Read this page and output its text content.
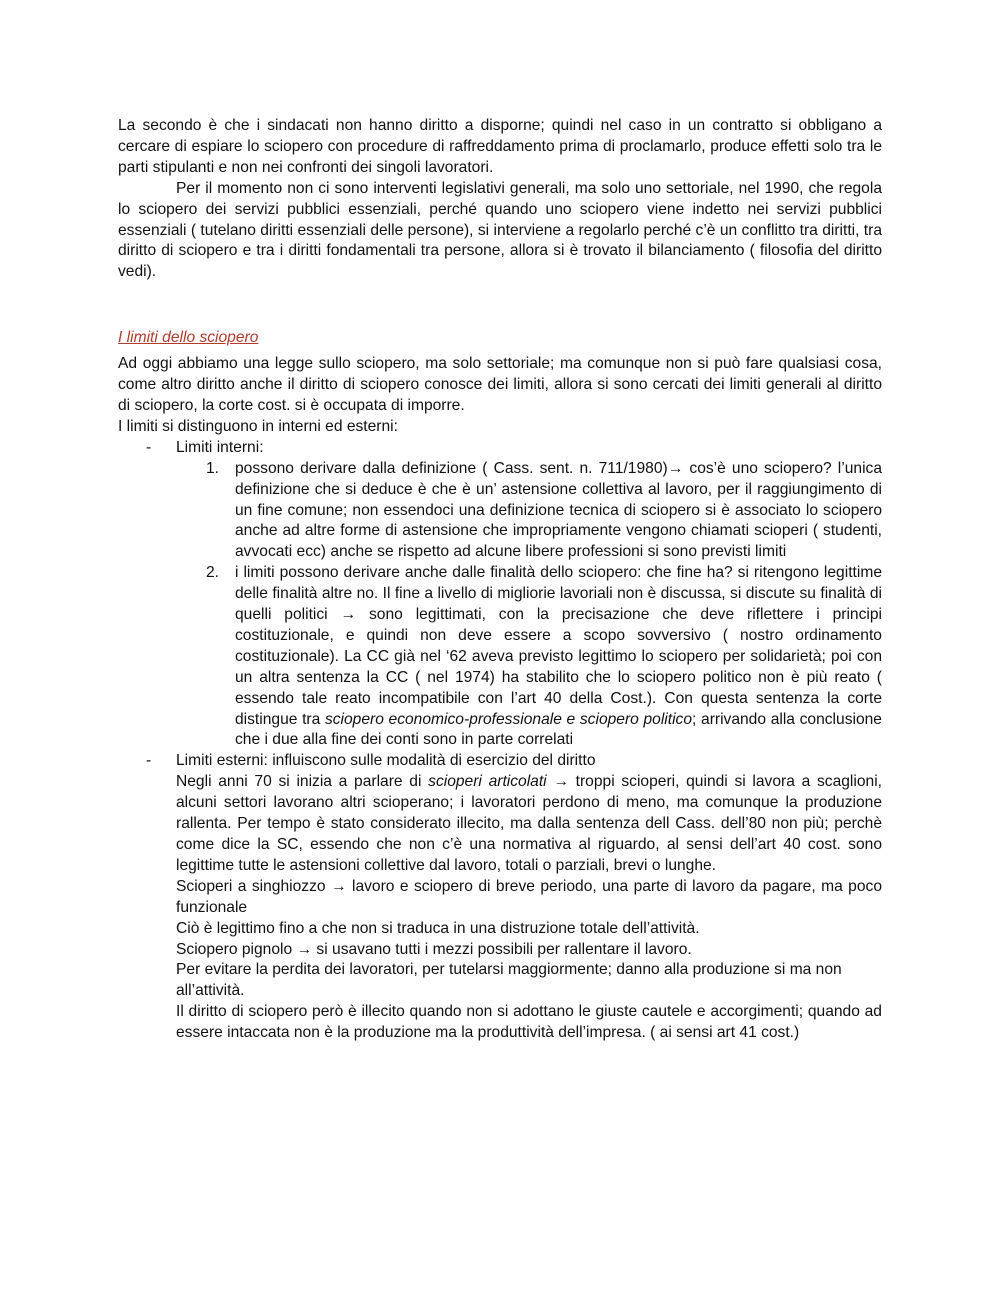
La secondo è che i sindacati non hanno diritto a disporne; quindi nel caso in un contratto si obbligano a cercare di espiare lo sciopero con procedure di raffreddamento prima di proclamarlo, produce effetti solo tra le parti stipulanti e non nei confronti dei singoli lavoratori.

Per il momento non ci sono interventi legislativi generali, ma solo uno settoriale, nel 1990, che regola lo sciopero dei servizi pubblici essenziali, perché quando uno sciopero viene indetto nei servizi pubblici essenziali ( tutelano diritti essenziali delle persone), si interviene a regolarlo perché c’è un conflitto tra diritti, tra diritto di sciopero e tra i diritti fondamentali tra persone, allora si è trovato il bilanciamento ( filosofia del diritto vedi).

I limiti dello sciopero

Ad oggi abbiamo una legge sullo sciopero, ma solo settoriale; ma comunque non si può fare qualsiasi cosa, come altro diritto anche il diritto di sciopero conosce dei limiti, allora si sono cercati dei limiti generali al diritto di sciopero, la corte cost. si è occupata di imporre.

I limiti si distinguono in interni ed esterni:

- Limiti interni:
1. possono derivare dalla definizione ( Cass. sent. n. 711/1980)→ cos’è uno sciopero? l’unica definizione che si deduce è che è un’ astensione collettiva al lavoro, per il raggiungimento di un fine comune; non essendoci una definizione tecnica di sciopero si è associato lo sciopero anche ad altre forme di astensione che impropriamente vengono chiamati scioperi ( studenti, avvocati ecc) anche se rispetto ad alcune libere professioni si sono previsti limiti
2. i limiti possono derivare anche dalle finalità dello sciopero: che fine ha? si ritengono legittime delle finalità altre no. Il fine a livello di migliorie lavoriali non è discussa, si discute su finalità di quelli politici → sono legittimati, con la precisazione che deve riflettere i principi costituzionale, e quindi non deve essere a scopo sovversivo ( nostro ordinamento costituzionale). La CC già nel ‘62 aveva previsto legittimo lo sciopero per solidarietà; poi con un altra sentenza la CC ( nel 1974) ha stabilito che lo sciopero politico non è più reato ( essendo tale reato incompatibile con l’art 40 della Cost.). Con questa sentenza la corte distingue tra sciopero economico-professionale e sciopero politico; arrivando alla conclusione che i due alla fine dei conti sono in parte correlati
- Limiti esterni: influiscono sulle modalità di esercizio del diritto

Negli anni 70 si inizia a parlare di scioperi articolati → troppi scioperi, quindi si lavora a scaglioni, alcuni settori lavorano altri scioperano; i lavoratori perdono di meno, ma comunque la produzione rallenta. Per tempo è stato considerato illecito, ma dalla sentenza dell Cass. dell’80 non più; perchè come dice la SC, essendo che non c’è una normativa al riguardo, al sensi dell’art 40 cost. sono legittime tutte le astensioni collettive dal lavoro, totali o parziali, brevi o lunghe.

Scioperi a singhiozzo → lavoro e sciopero di breve periodo, una parte di lavoro da pagare, ma poco funzionale

Ciò è legittimo fino a che non si traduca in una distruzione totale dell’attività.

Sciopero pignolo → si usavano tutti i mezzi possibili per rallentare il lavoro.

Per evitare la perdita dei lavoratori, per tutelarsi maggiormente; danno alla produzione si ma non all’attività.

Il diritto di sciopero però è illecito quando non si adottano le giuste cautele e accorgimenti; quando ad essere intaccata non è la produzione ma la produttività dell’impresa. ( ai sensi art 41 cost.)
